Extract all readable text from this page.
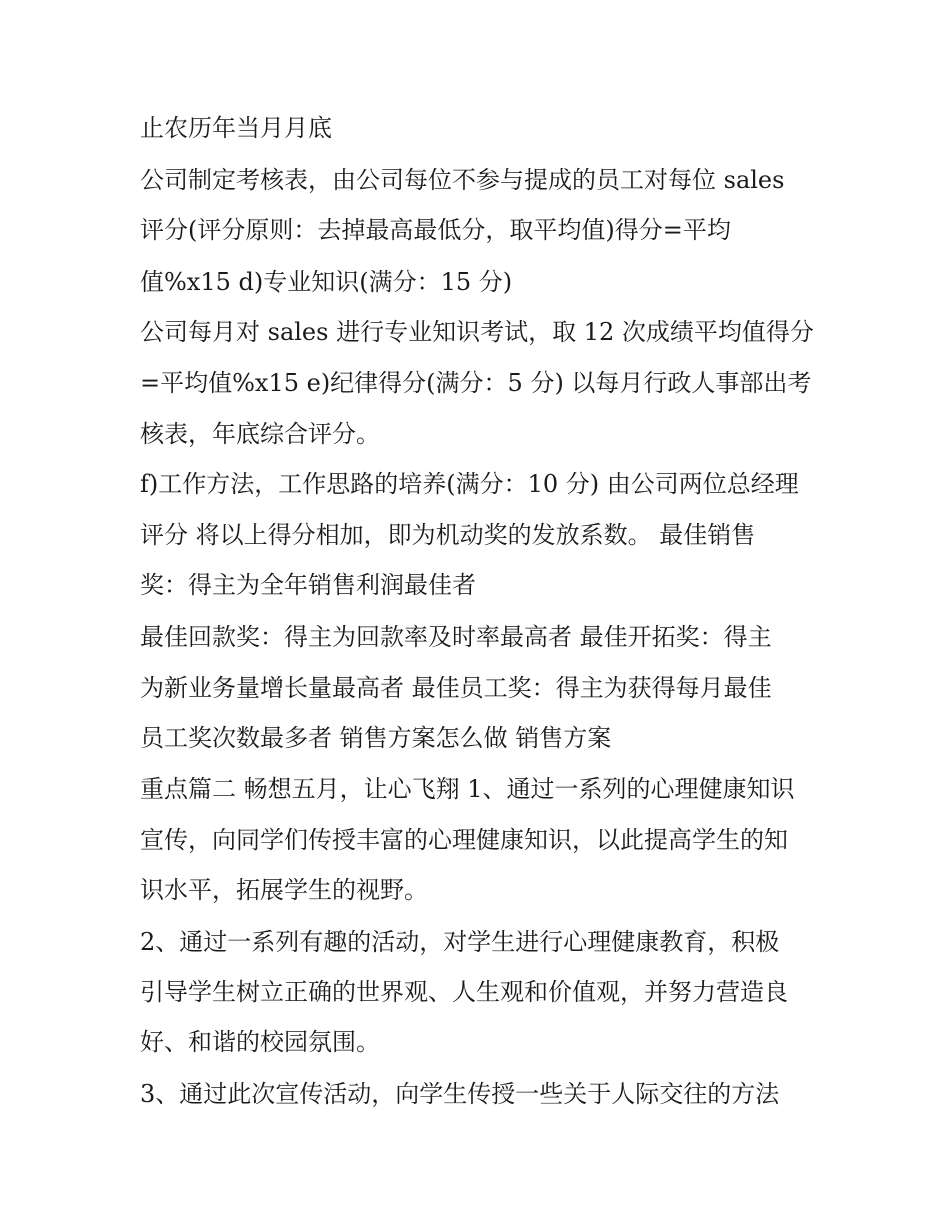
止农历年当月月底
公司制定考核表，由公司每位不参与提成的员工对每位 sales
评分(评分原则：去掉最高最低分，取平均值)得分=平均
值%x15 d)专业知识(满分：15 分)
公司每月对 sales 进行专业知识考试，取 12 次成绩平均值得分
=平均值%x15 e)纪律得分(满分：5 分) 以每月行政人事部出考
核表，年底综合评分。
f)工作方法，工作思路的培养(满分：10 分) 由公司两位总经理
评分 将以上得分相加，即为机动奖的发放系数。 最佳销售
奖：得主为全年销售利润最佳者
最佳回款奖：得主为回款率及时率最高者 最佳开拓奖：得主
为新业务量增长量最高者 最佳员工奖：得主为获得每月最佳
员工奖次数最多者 销售方案怎么做 销售方案
重点篇二 畅想五月，让心飞翔 1、通过一系列的心理健康知识
宣传，向同学们传授丰富的心理健康知识，以此提高学生的知
识水平，拓展学生的视野。
2、通过一系列有趣的活动，对学生进行心理健康教育，积极
引导学生树立正确的世界观、人生观和价值观，并努力营造良
好、和谐的校园氛围。
3、通过此次宣传活动，向学生传授一些关于人际交往的方法
